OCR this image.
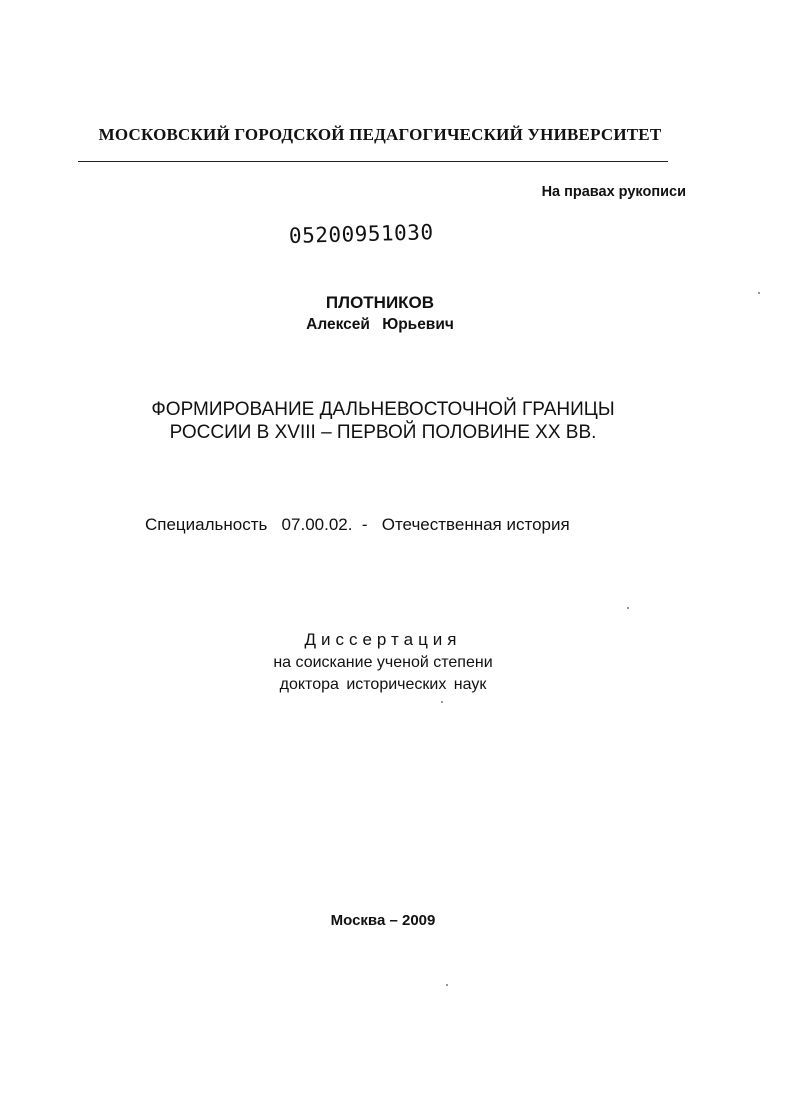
МОСКОВСКИЙ ГОРОДСКОЙ ПЕДАГОГИЧЕСКИЙ УНИВЕРСИТЕТ
На правах рукописи
05200951030
ПЛОТНИКОВ
Алексей Юрьевич
ФОРМИРОВАНИЕ ДАЛЬНЕВОСТОЧНОЙ ГРАНИЦЫ
РОССИИ В XVIII – ПЕРВОЙ ПОЛОВИНЕ XX ВВ.
Специальность   07.00.02.  -   Отечественная история
Диссертация
на соискание ученой степени
доктора исторических наук
Москва – 2009
